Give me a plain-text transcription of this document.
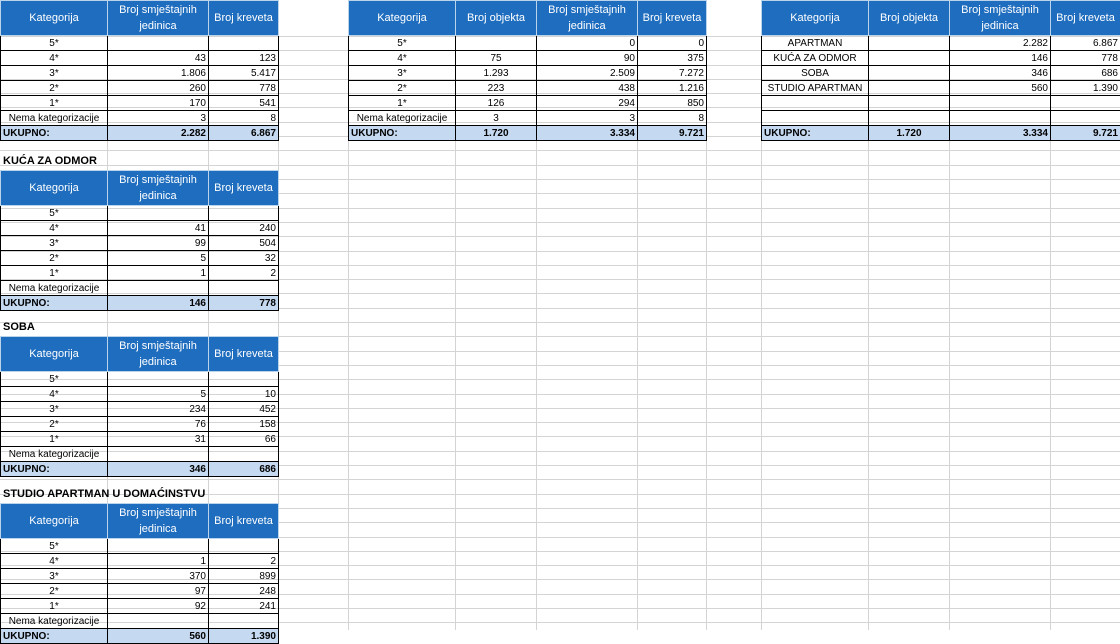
Kategorija	Broj smještajnih jedinica	Broj kreveta
5*		
4*	43	123
3*	1.806	5.417
2*	260	778
1*	170	541
Nema kategorizacije	3	8
UKUPNO:	2.282	6.867
Kategorija	Broj objekta	Broj smještajnih jedinica	Broj kreveta
5*		0	0
4*	75	90	375
3*	1.293	2.509	7.272
2*	223	438	1.216
1*	126	294	850
Nema kategorizacije	3	3	8
UKUPNO:	1.720	3.334	9.721
Kategorija	Broj objekta	Broj smještajnih jedinica	Broj kreveta
APARTMAN		2.282	6.867
KUĆA ZA ODMOR		146	778
SOBA		346	686
STUDIO APARTMAN		560	1.390

UKUPNO:	1.720	3.334	9.721
KUĆA ZA ODMOR
Kategorija	Broj smještajnih jedinica	Broj kreveta
5*		
4*	41	240
3*	99	504
2*	5	32
1*	1	2
Nema kategorizacije		
UKUPNO:	146	778
SOBA
Kategorija	Broj smještajnih jedinica	Broj kreveta
5*		
4*	5	10
3*	234	452
2*	76	158
1*	31	66
Nema kategorizacije		
UKUPNO:	346	686
STUDIO APARTMAN U DOMAĆINSTVU
Kategorija	Broj smještajnih jedinica	Broj kreveta
5*		
4*	1	2
3*	370	899
2*	97	248
1*	92	241
Nema kategorizacije		
UKUPNO:	560	1.390
